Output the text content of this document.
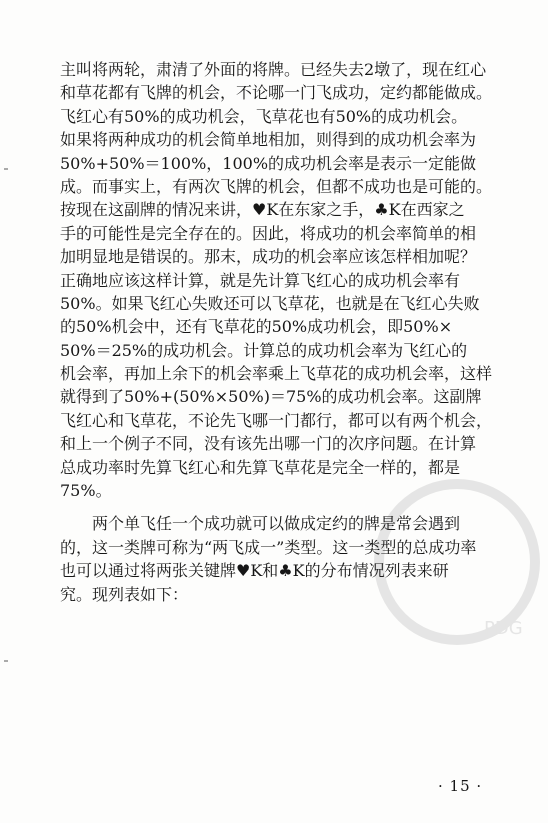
主叫将两轮，肃清了外面的将牌。已经失去2墩了，现在红心
和草花都有飞牌的机会，不论哪一门飞成功，定约都能做成。
飞红心有50%的成功机会，飞草花也有50%的成功机会。
如果将两种成功的机会简单地相加，则得到的成功机会率为
50%+50%＝100%，100%的成功机会率是表示一定能做
成。而事实上，有两次飞牌的机会，但都不成功也是可能的。
按现在这副牌的情况来讲，♥K在东家之手，♣K在西家之
手的可能性是完全存在的。因此，将成功的机会率简单的相
加明显地是错误的。那末，成功的机会率应该怎样相加呢？
正确地应该这样计算，就是先计算飞红心的成功机会率有
50%。如果飞红心失败还可以飞草花，也就是在飞红心失败
的50%机会中，还有飞草花的50%成功机会，即50%×
50%＝25%的成功机会。计算总的成功机会率为飞红心的
机会率，再加上余下的机会率乘上飞草花的成功机会率，这样
就得到了50%+(50%×50%)＝75%的成功机会率。这副牌
飞红心和飞草花，不论先飞哪一门都行，都可以有两个机会，
和上一个例子不同，没有该先出哪一门的次序问题。在计算
总成功率时先算飞红心和先算飞草花是完全一样的，都是
75%。
两个单飞任一个成功就可以做成定约的牌是常会遇到
的，这一类牌可称为“两飞成一”类型。这一类型的总成功率
也可以通过将两张关键牌♥K和♣K的分布情况列表来研
究。现列表如下：
· 15 ·
PDG
